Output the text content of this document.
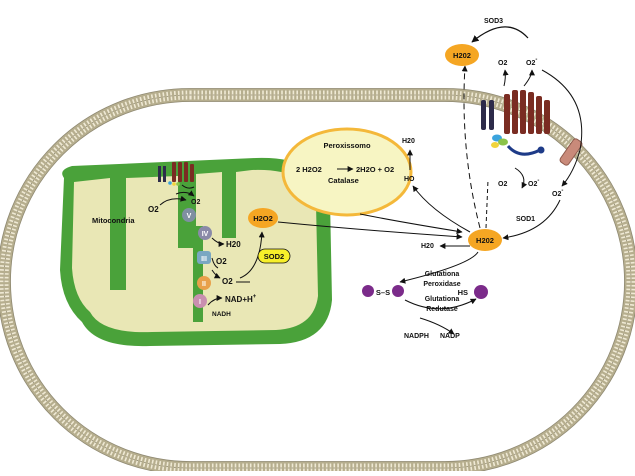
Mitocondria	V
IV
III
II
I
O2
O2
H20
O2
O2
NAD+H+
NADH
H2O2
SOD2
Peroxissomo
2 H2O2	2H2O + O2
Catalase
H202
H20
HO
SOD1
O2-
O2	O2-
H20
S–S	HS
Glutationa
Peroxidase
Glutationa
Redutase
NADPH NADP
SOD3
H202
O2	O2-
